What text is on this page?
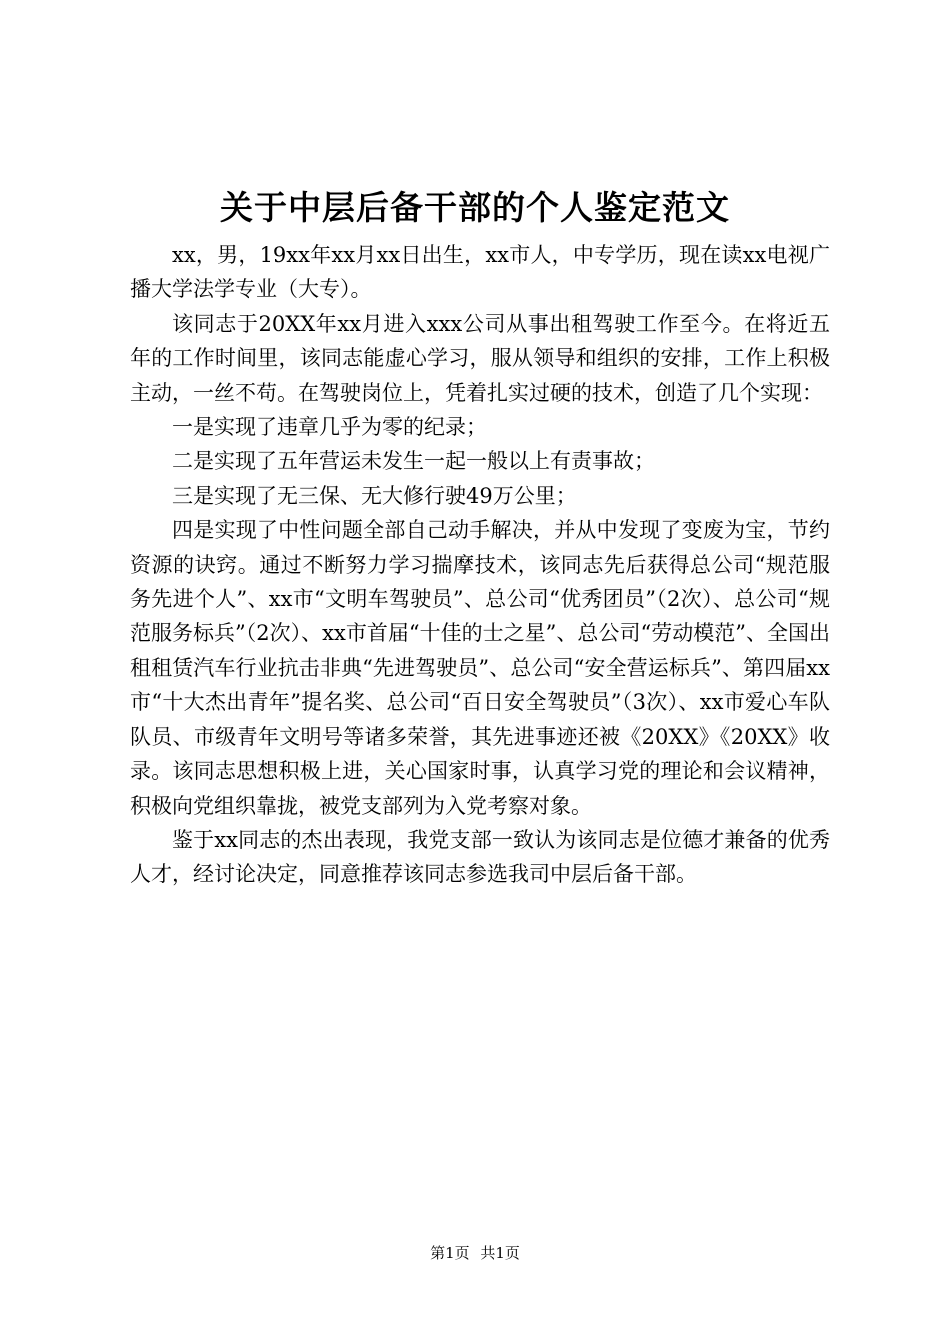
关于中层后备干部的个人鉴定范文

xx，男，19xx年xx月xx日出生，xx市人，中专学历，现在读xx电视广播大学法学专业（大专）。

该同志于20XX年xx月进入xxx公司从事出租驾驶工作至今。在将近五年的工作时间里，该同志能虚心学习，服从领导和组织的安排，工作上积极主动，一丝不苟。在驾驶岗位上，凭着扎实过硬的技术，创造了几个实现：

一是实现了违章几乎为零的纪录；

二是实现了五年营运未发生一起一般以上有责事故；

三是实现了无三保、无大修行驶49万公里；

四是实现了中性问题全部自己动手解决，并从中发现了变废为宝，节约资源的诀窍。通过不断努力学习揣摩技术，该同志先后获得总公司“规范服务先进个人”、xx市“文明车驾驶员”、总公司“优秀团员”（2次）、总公司“规范服务标兵”（2次）、xx市首届“十佳的士之星”、总公司“劳动模范”、全国出租租赁汽车行业抗击非典“先进驾驶员”、总公司“安全营运标兵”、第四届xx市“十大杰出青年”提名奖、总公司“百日安全驾驶员”（3次）、xx市爱心车队队员、市级青年文明号等诸多荣誉，其先进事迹还被《20XX》《20XX》收录。该同志思想积极上进，关心国家时事，认真学习党的理论和会议精神，积极向党组织靠拢，被党支部列为入党考察对象。

鉴于xx同志的杰出表现，我党支部一致认为该同志是位德才兼备的优秀人才，经讨论决定，同意推荐该同志参选我司中层后备干部。

第1页 共1页
